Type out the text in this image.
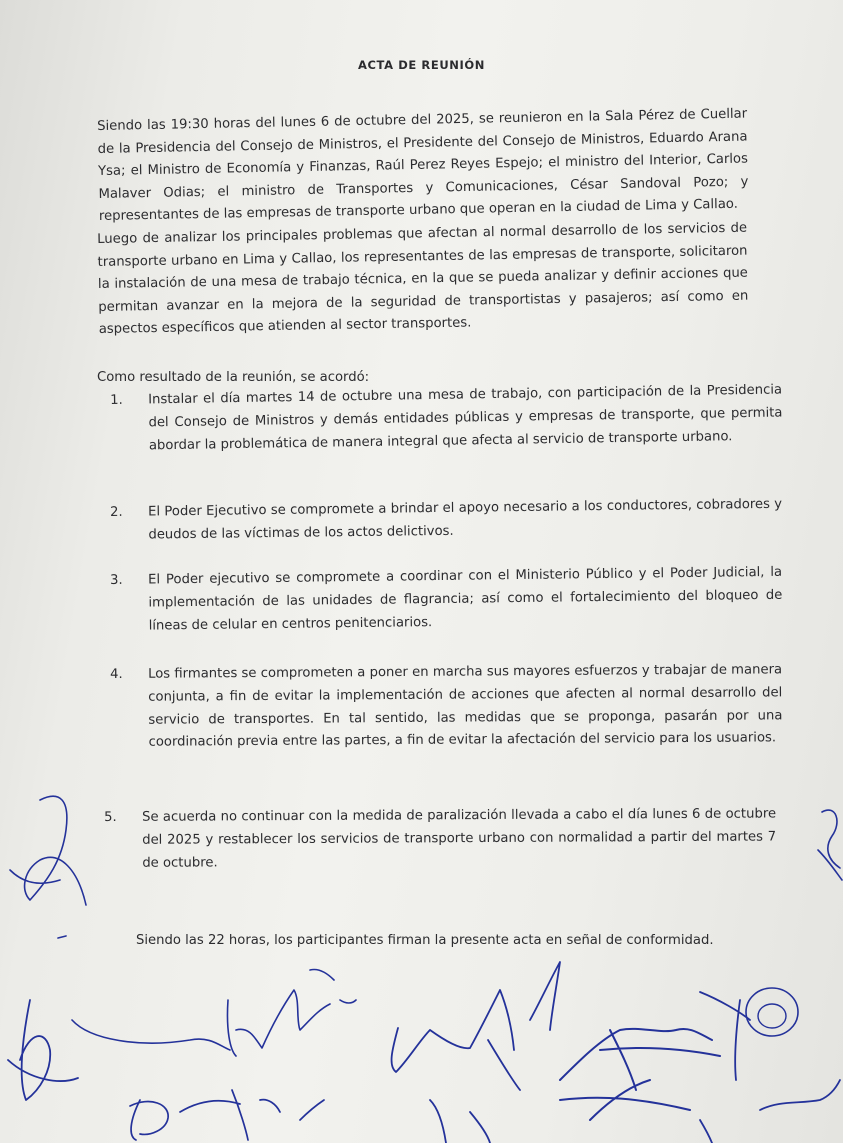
ACTA DE REUNIÓN

Siendo las 19:30 horas del lunes 6 de octubre del 2025, se reunieron en la Sala Pérez de Cuellar de la Presidencia del Consejo de Ministros, el Presidente del Consejo de Ministros, Eduardo Arana Ysa; el Ministro de Economía y Finanzas, Raúl Perez Reyes Espejo; el ministro del Interior, Carlos Malaver Odias; el ministro de Transportes y Comunicaciones, César Sandoval Pozo; y representantes de las empresas de transporte urbano que operan en la ciudad de Lima y Callao.

Luego de analizar los principales problemas que afectan al normal desarrollo de los servicios de transporte urbano en Lima y Callao, los representantes de las empresas de transporte, solicitaron la instalación de una mesa de trabajo técnica, en la que se pueda analizar y definir acciones que permitan avanzar en la mejora de la seguridad de transportistas y pasajeros; así como en aspectos específicos que atienden al sector transportes.

Como resultado de la reunión, se acordó:

1.	Instalar el día martes 14 de octubre una mesa de trabajo, con participación de la Presidencia del Consejo de Ministros y demás entidades públicas y empresas de transporte, que permita abordar la problemática de manera integral que afecta al servicio de transporte urbano.
2.	El Poder Ejecutivo se compromete a brindar el apoyo necesario a los conductores, cobradores y deudos de las víctimas de los actos delictivos.
3.	El Poder ejecutivo se compromete a coordinar con el Ministerio Público y el Poder Judicial, la implementación de las unidades de flagrancia; así como el fortalecimiento del bloqueo de líneas de celular en centros penitenciarios.
4.	Los firmantes se comprometen a poner en marcha sus mayores esfuerzos y trabajar de manera conjunta, a fin de evitar la implementación de acciones que afecten al normal desarrollo del servicio de transportes. En tal sentido, las medidas que se proponga, pasarán por una coordinación previa entre las partes, a fin de evitar la afectación del servicio para los usuarios.
5.	Se acuerda no continuar con la medida de paralización llevada a cabo el día lunes 6 de octubre del 2025 y restablecer los servicios de transporte urbano con normalidad a partir del martes 7 de octubre.

Siendo las 22 horas, los participantes firman la presente acta en señal de conformidad.
